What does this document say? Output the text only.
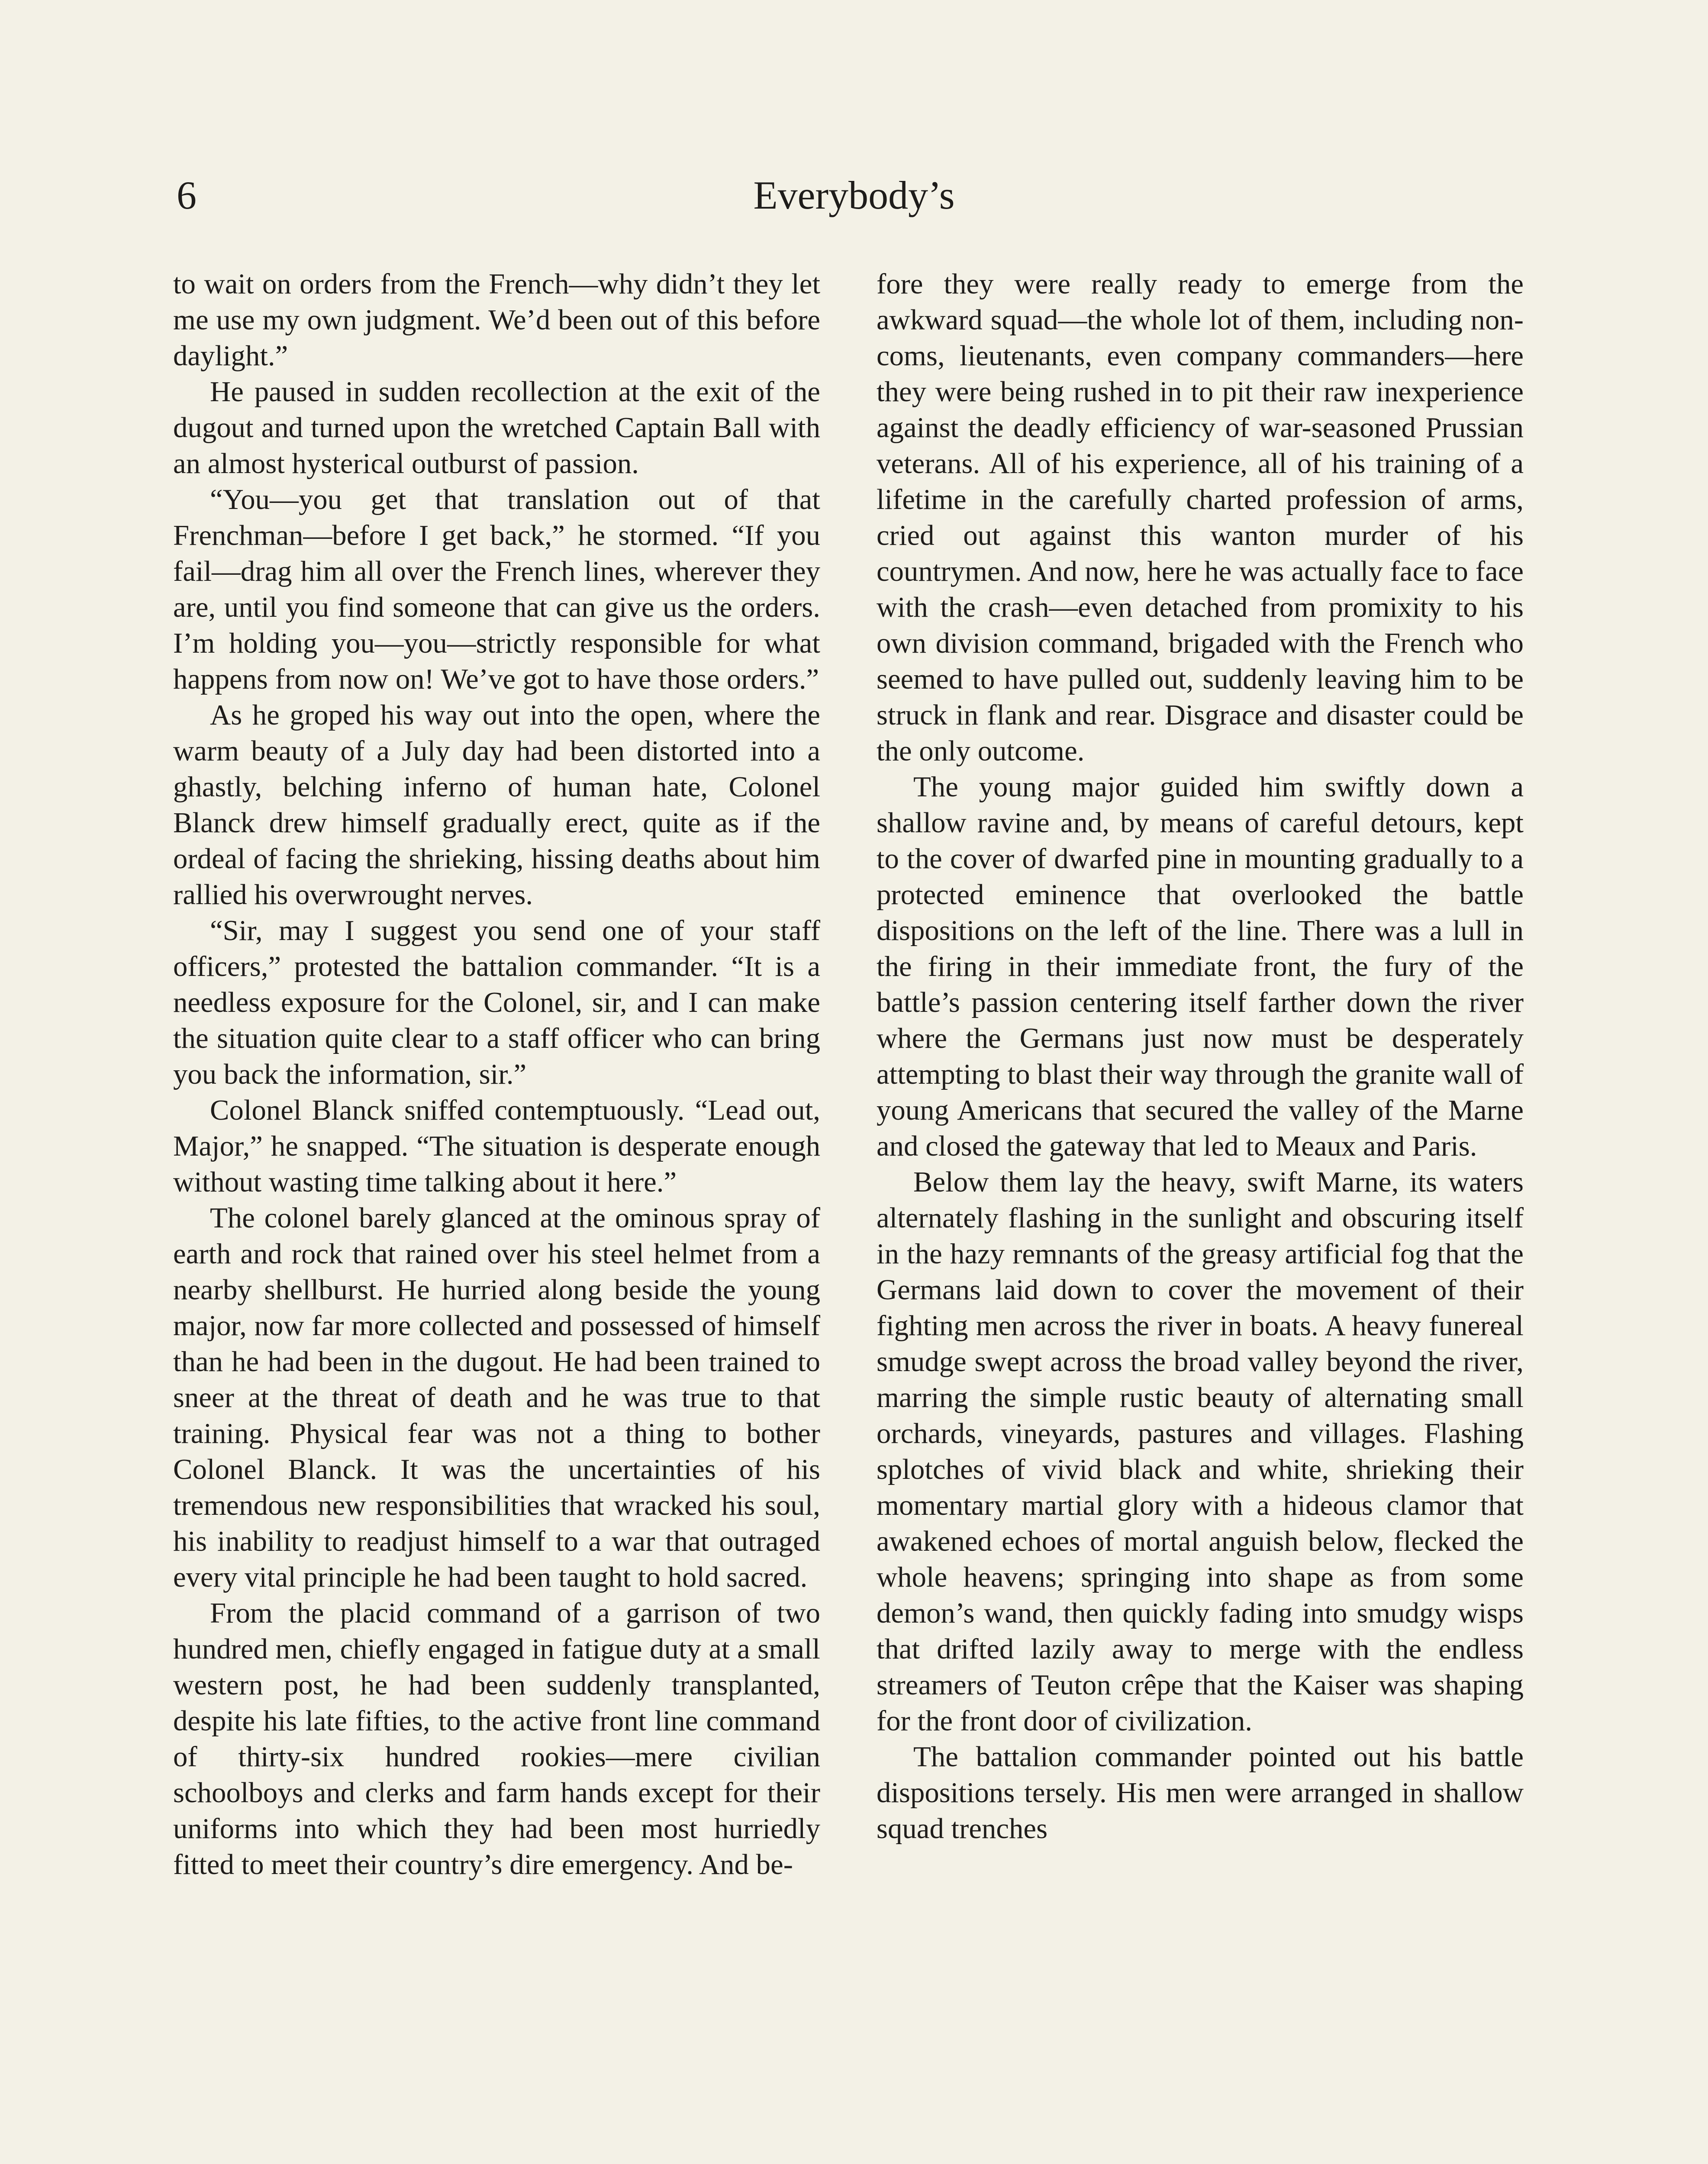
6	Everybody’s

to wait on orders from the French—why didn’t they let me use my own judgment. We’d been out of this before daylight.”

He paused in sudden recollection at the exit of the dugout and turned upon the wretched Captain Ball with an almost hysterical outburst of passion.

“You—you get that translation out of that Frenchman—before I get back,” he stormed. “If you fail—drag him all over the French lines, wherever they are, until you find someone that can give us the orders. I’m holding you—you—strictly responsible for what happens from now on! We’ve got to have those orders.”

As he groped his way out into the open, where the warm beauty of a July day had been distorted into a ghastly, belching inferno of human hate, Colonel Blanck drew himself gradually erect, quite as if the ordeal of facing the shrieking, hissing deaths about him rallied his overwrought nerves.

“Sir, may I suggest you send one of your staff officers,” protested the battalion commander. “It is a needless exposure for the Colonel, sir, and I can make the situation quite clear to a staff officer who can bring you back the information, sir.”

Colonel Blanck sniffed contemptuously. “Lead out, Major,” he snapped. “The situation is desperate enough without wasting time talking about it here.”

The colonel barely glanced at the ominous spray of earth and rock that rained over his steel helmet from a nearby shellburst. He hurried along beside the young major, now far more collected and possessed of himself than he had been in the dugout. He had been trained to sneer at the threat of death and he was true to that training. Physical fear was not a thing to bother Colonel Blanck. It was the uncertainties of his tremendous new responsibilities that wracked his soul, his inability to readjust himself to a war that outraged every vital principle he had been taught to hold sacred.

From the placid command of a garrison of two hundred men, chiefly engaged in fatigue duty at a small western post, he had been suddenly transplanted, despite his late fifties, to the active front line command of thirty-six hundred rookies—mere civilian schoolboys and clerks and farm hands except for their uniforms into which they had been most hurriedly fitted to meet their country’s dire emergency. And be-

fore they were really ready to emerge from the awkward squad—the whole lot of them, including non-coms, lieutenants, even company commanders—here they were being rushed in to pit their raw inexperience against the deadly efficiency of war-seasoned Prussian veterans. All of his experience, all of his training of a lifetime in the carefully charted profession of arms, cried out against this wanton murder of his countrymen. And now, here he was actually face to face with the crash—even detached from promixity to his own division command, brigaded with the French who seemed to have pulled out, suddenly leaving him to be struck in flank and rear. Disgrace and disaster could be the only outcome.

The young major guided him swiftly down a shallow ravine and, by means of careful detours, kept to the cover of dwarfed pine in mounting gradually to a protected eminence that overlooked the battle dispositions on the left of the line. There was a lull in the firing in their immediate front, the fury of the battle’s passion centering itself farther down the river where the Germans just now must be desperately attempting to blast their way through the granite wall of young Americans that secured the valley of the Marne and closed the gateway that led to Meaux and Paris.

Below them lay the heavy, swift Marne, its waters alternately flashing in the sunlight and obscuring itself in the hazy remnants of the greasy artificial fog that the Germans laid down to cover the movement of their fighting men across the river in boats. A heavy funereal smudge swept across the broad valley beyond the river, marring the simple rustic beauty of alternating small orchards, vineyards, pastures and villages. Flashing splotches of vivid black and white, shrieking their momentary martial glory with a hideous clamor that awakened echoes of mortal anguish below, flecked the whole heavens; springing into shape as from some demon’s wand, then quickly fading into smudgy wisps that drifted lazily away to merge with the endless streamers of Teuton crêpe that the Kaiser was shaping for the front door of civilization.

The battalion commander pointed out his battle dispositions tersely. His men were arranged in shallow squad trenches
